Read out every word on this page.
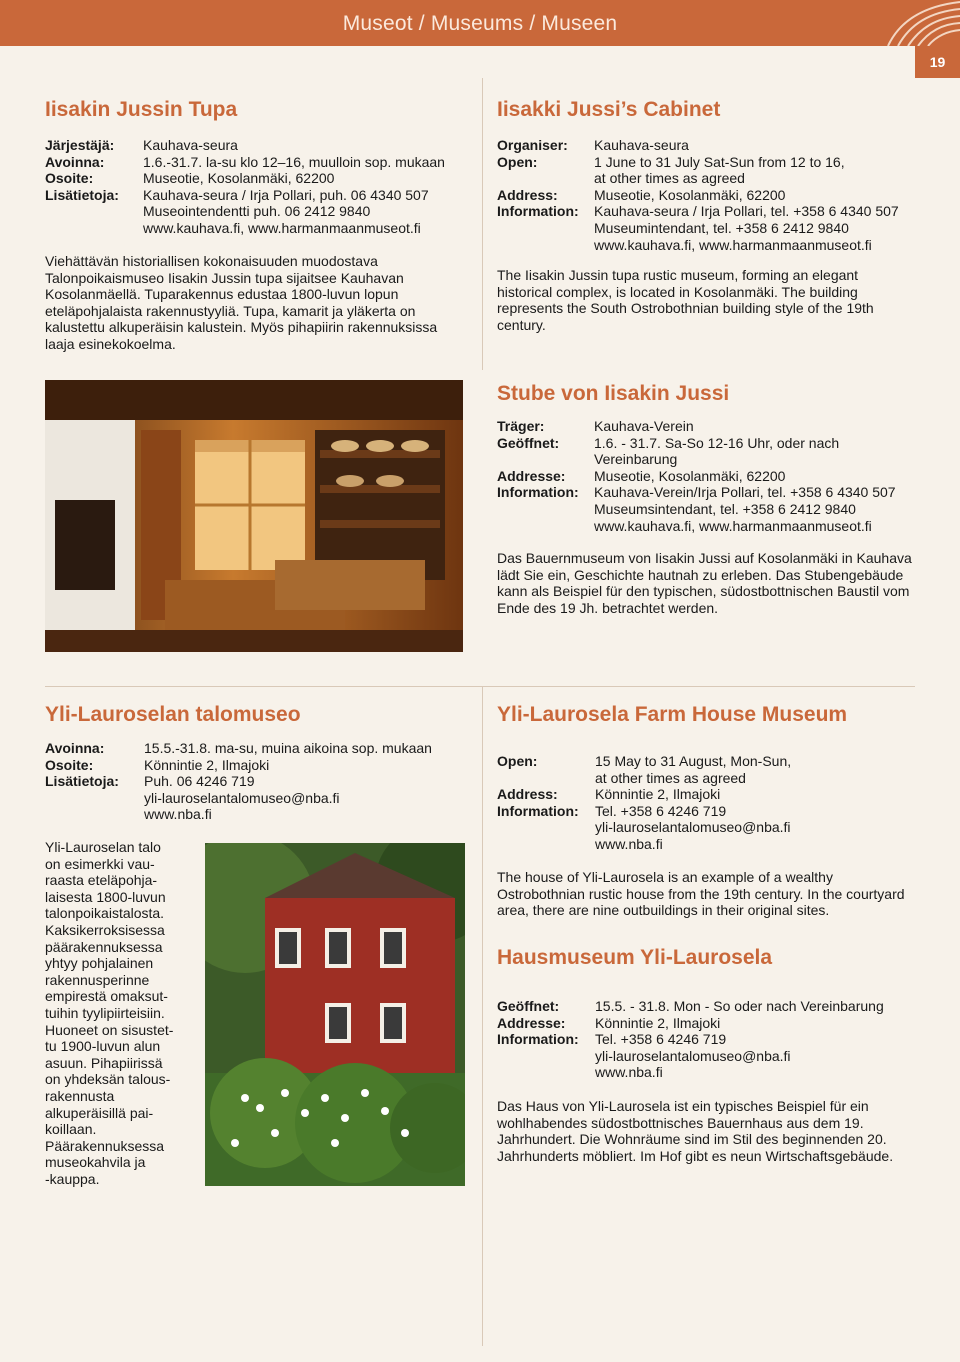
Museot / Museums / Museen
19
Iisakin Jussin Tupa
Järjestäjä:	Kauhava-seura
Avoinna:	1.6.-31.7. la-su klo 12–16, muulloin sop. mukaan
Osoite:	Museotie, Kosolanmäki, 62200
Lisätietoja:	Kauhava-seura / Irja Pollari, puh. 06 4340 507
Museointendentti puh. 06 2412 9840
www.kauhava.fi, www.harmanmaanmuseot.fi

Viehättävän historiallisen kokonaisuuden muodostava Talonpoikaismuseo Iisakin Jussin tupa sijaitsee Kauhavan Kosolanmäellä. Tuparakennus edustaa 1800-luvun lopun eteläpohjalaista rakennustyyliä. Tupa, kamarit ja yläkerta on kalustettu alkuperäisin kalustein. Myös pihapiirin rakennuksissa laaja esinekokoelma.

Iisakki Jussi’s Cabinet
Organiser:	Kauhava-seura
Open:	1 June to 31 July Sat-Sun from 12 to 16,
at other times as agreed
Address:	Museotie, Kosolanmäki, 62200
Information:	Kauhava-seura / Irja Pollari, tel. +358 6 4340 507
Museumintendant, tel. +358 6 2412 9840
www.kauhava.fi, www.harmanmaanmuseot.fi

The Iisakin Jussin tupa rustic museum, forming an elegant historical complex, is located in Kosolanmäki. The building represents the South Ostrobothnian building style of the 19th century.

Stube von Iisakin Jussi
Träger:	Kauhava-Verein
Geöffnet:	1.6. - 31.7. Sa-So 12-16 Uhr, oder nach
Vereinbarung
Addresse:	Museotie, Kosolanmäki, 62200
Information:	Kauhava-Verein/Irja Pollari, tel. +358 6 4340 507
Museumsintendant, tel. +358 6 2412 9840
www.kauhava.fi, www.harmanmaanmuseot.fi

Das Bauernmuseum von Iisakin Jussi auf Kosolanmäki in Kauhava lädt Sie ein, Geschichte hautnah zu erleben. Das Stubengebäude kann als Beispiel für den typischen, südostbottnischen Baustil vom Ende des 19 Jh. betrachtet werden.

Yli-Lauroselan talomuseo
Avoinna:	15.5.-31.8. ma-su, muina aikoina sop. mukaan
Osoite:	Könnintie 2, Ilmajoki
Lisätietoja:	Puh. 06 4246 719
yli-lauroselantalomuseo@nba.fi
www.nba.fi
Yli-Lauroselan talo
on esimerkki vau-
raasta eteläpohja-
laisesta 1800-luvun
talonpoikaistalosta.
Kaksikerroksisessa
päärakennuksessa
yhtyy pohjalainen
rakennusperinne
empirestä omaksut-
tuihin tyylipiirteisiin.
Huoneet on sisustet-
tu 1900-luvun alun
asuun. Pihapiirissä
on yhdeksän talous-
rakennusta
alkuperäisillä pai-
koillaan.
Päärakennuksessa
museokahvila ja
-kauppa.
Yli-Laurosela Farm House Museum
Open:	15 May to 31 August, Mon-Sun,
at other times as agreed
Address:	Könnintie 2, Ilmajoki
Information:	Tel. +358 6 4246 719
yli-lauroselantalomuseo@nba.fi
www.nba.fi

The house of Yli-Laurosela is an example of a wealthy Ostrobothnian rustic house from the 19th century. In the courtyard area, there are nine outbuildings in their original sites.

Hausmuseum Yli-Laurosela
Geöffnet:	15.5. - 31.8. Mon - So oder nach Vereinbarung
Addresse:	Könnintie 2, Ilmajoki
Information:	Tel. +358 6 4246 719
yli-lauroselantalomuseo@nba.fi
www.nba.fi

Das Haus von Yli-Laurosela ist ein typisches Beispiel für ein wohlhabendes südostbottnisches Bauernhaus aus dem 19. Jahrhundert. Die Wohnräume sind im Stil des beginnenden 20. Jahrhunderts möbliert. Im Hof gibt es neun Wirtschaftsgebäude.
